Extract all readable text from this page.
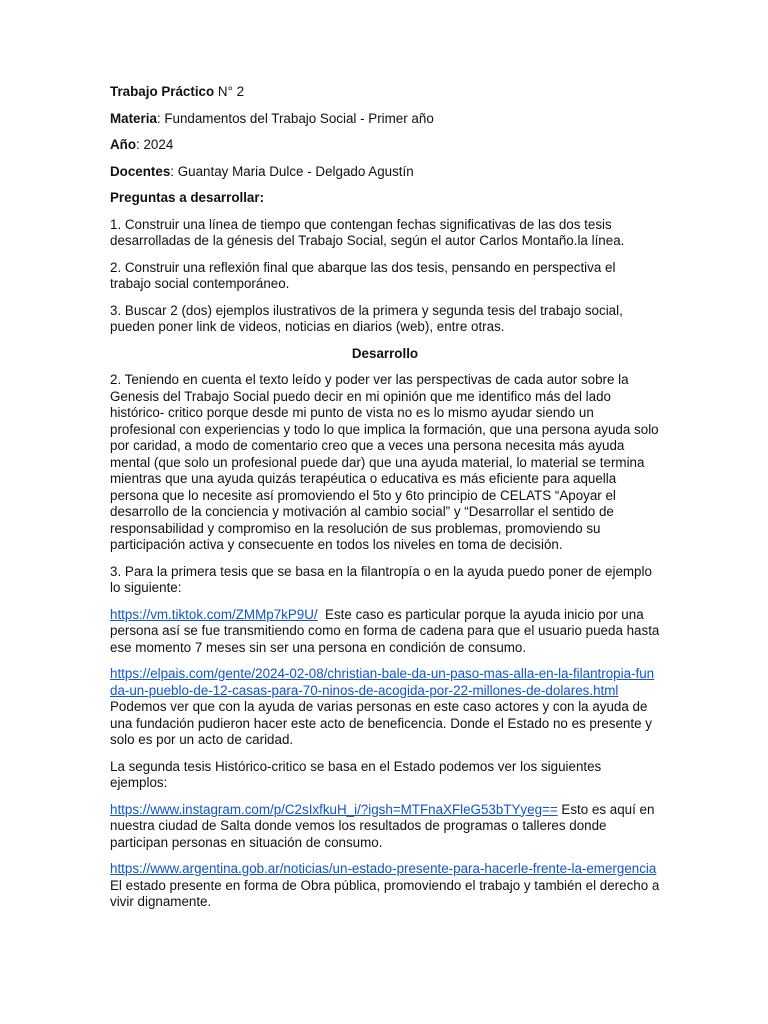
Trabajo Práctico N° 2

Materia: Fundamentos del Trabajo Social - Primer año

Año: 2024

Docentes: Guantay Maria Dulce - Delgado Agustín

Preguntas a desarrollar:

1. Construir una línea de tiempo que contengan fechas significativas de las dos tesis desarrolladas de la génesis del Trabajo Social, según el autor Carlos Montaño.la línea.

2. Construir una reflexión final que abarque las dos tesis, pensando en perspectiva el trabajo social contemporáneo.

3. Buscar 2 (dos) ejemplos ilustrativos de la primera y segunda tesis del trabajo social, pueden poner link de videos, noticias en diarios (web), entre otras.

Desarrollo

2. Teniendo en cuenta el texto leído y poder ver las perspectivas de cada autor sobre la Genesis del Trabajo Social puedo decir en mi opinión que me identifico más del lado histórico- critico porque desde mi punto de vista no es lo mismo ayudar siendo un profesional con experiencias y todo lo que implica la formación, que una persona ayuda solo por caridad, a modo de comentario creo que a veces una persona necesita más ayuda mental (que solo un profesional puede dar) que una ayuda material, lo material se termina mientras que una ayuda quizás terapéutica o educativa es más eficiente para aquella persona que lo necesite así promoviendo el 5to y 6to principio de CELATS “Apoyar el desarrollo de la conciencia y motivación al cambio social” y “Desarrollar el sentido de responsabilidad y compromiso en la resolución de sus problemas, promoviendo su participación activa y consecuente en todos los niveles en toma de decisión.

3. Para la primera tesis que se basa en la filantropía o en la ayuda puedo poner de ejemplo lo siguiente:

https://vm.tiktok.com/ZMMp7kP9U/  Este caso es particular porque la ayuda inicio por una persona así se fue transmitiendo como en forma de cadena para que el usuario pueda hasta ese momento 7 meses sin ser una persona en condición de consumo.

https://elpais.com/gente/2024-02-08/christian-bale-da-un-paso-mas-alla-en-la-filantropia-funda-un-pueblo-de-12-casas-para-70-ninos-de-acogida-por-22-millones-de-dolares.html Podemos ver que con la ayuda de varias personas en este caso actores y con la ayuda de una fundación pudieron hacer este acto de beneficencia. Donde el Estado no es presente y solo es por un acto de caridad.

La segunda tesis Histórico-critico se basa en el Estado podemos ver los siguientes ejemplos:

https://www.instagram.com/p/C2sIxfkuH_i/?igsh=MTFnaXFleG53bTYyeg== Esto es aquí en nuestra ciudad de Salta donde vemos los resultados de programas o talleres donde participan personas en situación de consumo.

https://www.argentina.gob.ar/noticias/un-estado-presente-para-hacerle-frente-la-emergencia El estado presente en forma de Obra pública, promoviendo el trabajo y también el derecho a vivir dignamente.
